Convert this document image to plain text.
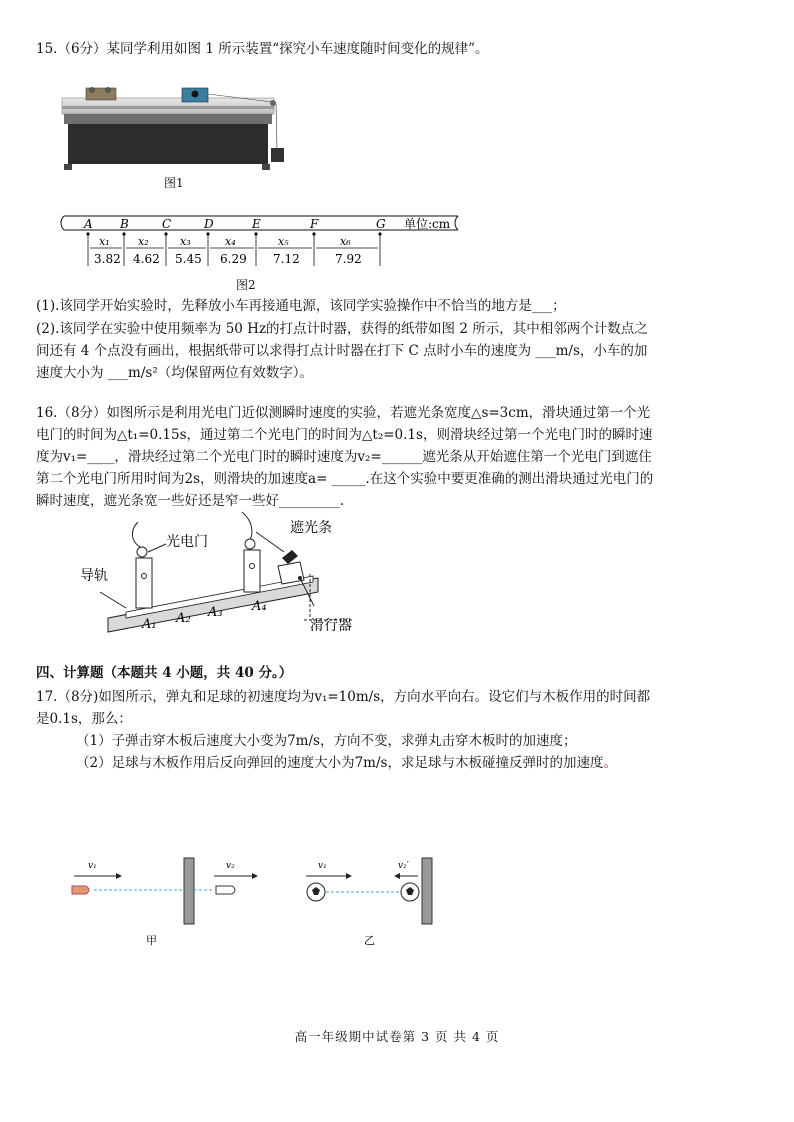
15.（6分）某同学利用如图 1 所示装置“探究小车速度随时间变化的规律”。
图1
A B	C	D	E	F	G 单位:cm
x₁
3.82
x₂
4.62
x₃
5.45
x₄
6.29
x₅
7.12
x₆
7.92
图2
(1).该同学开始实验时，先释放小车再接通电源，该同学实验操作中不恰当的地方是___；
(2).该同学在实验中使用频率为 50 Hz的打点计时器，获得的纸带如图 2 所示，其中相邻两个计数点之
间还有 4 个点没有画出，根据纸带可以求得打点计时器在打下 C 点时小车的速度为 ___m/s，小车的加
速度大小为 ___m/s²（均保留两位有效数字）。
16.（8分）如图所示是利用光电门近似测瞬时速度的实验，若遮光条宽度△s=3cm，滑块通过第一个光
电门的时间为△t₁=0.15s，通过第二个光电门的时间为△t₂=0.1s，则滑块经过第一个光电门时的瞬时速
度为v₁=____，滑块经过第二个光电门时的瞬时速度为v₂=______遮光条从开始遮住第一个光电门到遮住
第二个光电门所用时间为2s，则滑块的加速度a= _____.在这个实验中要更准确的测出滑块通过光电门的
瞬时速度，遮光条宽一些好还是窄一些好_________.
光电门
遮光条
导轨
滑行器
A₁ A₂ A₃ A₄
四、计算题（本题共 4 小题，共 40 分。）
17.（8分)如图所示，弹丸和足球的初速度均为v₁=10m/s，方向水平向右。设它们与木板作用的时间都
是0.1s，那么：
（1）子弹击穿木板后速度大小变为7m/s，方向不变，求弹丸击穿木板时的加速度；
（2）足球与木板作用后反向弹回的速度大小为7m/s，求足球与木板碰撞反弹时的加速度。
v₁	v₂
甲
v₁	v₂′
乙
高一年级期中试卷第 3 页 共 4 页
